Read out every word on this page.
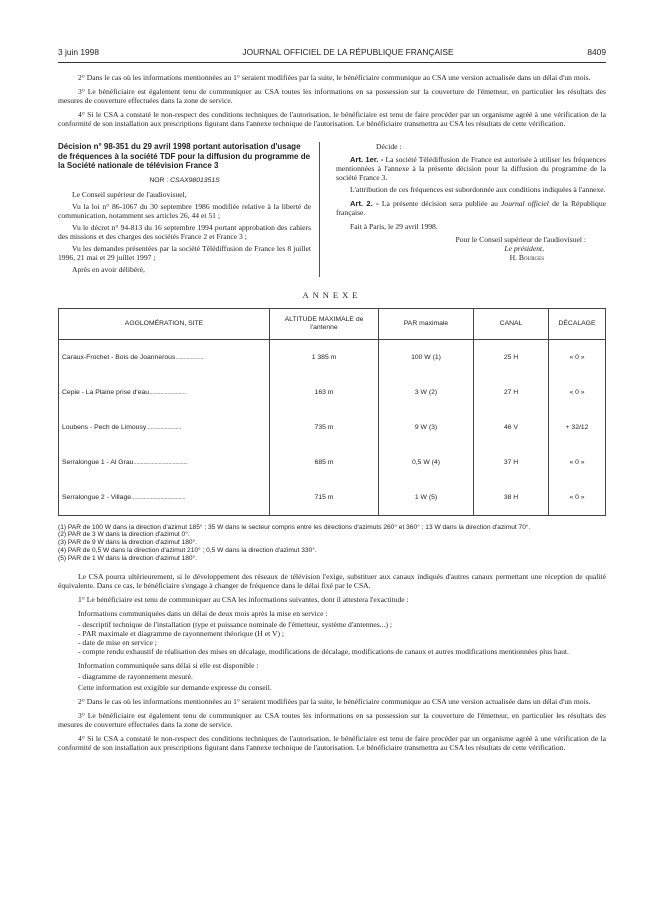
3 juin 1998	JOURNAL OFFICIEL DE LA RÉPUBLIQUE FRANÇAISE	8409

2° Dans le cas où les informations mentionnées au 1° seraient modifiées par la suite, le bénéficiaire communique au CSA une version actualisée dans un délai d'un mois.

3° Le bénéficiaire est également tenu de communiquer au CSA toutes les informations en sa possession sur la couverture de l'émetteur, en particulier les résultats des mesures de couverture effectuées dans la zone de service.

4° Si le CSA a constaté le non-respect des conditions techniques de l'autorisation, le bénéficiaire est tenu de faire procéder par un organisme agréé à une vérification de la conformité de son installation aux prescriptions figurant dans l'annexe technique de l'autorisation. Le bénéficiaire transmettra au CSA les résultats de cette vérification.

Décision n° 98-351 du 29 avril 1998 portant autorisation d'usage de fréquences à la société TDF pour la diffusion du programme de la Société nationale de télévision France 3

NOR : CSAX9801351S

Le Conseil supérieur de l'audiovisuel,

Vu la loi n° 86-1067 du 30 septembre 1986 modifiée relative à la liberté de communication, notamment ses articles 26, 44 et 51 ;

Vu le décret n° 94-813 du 16 septembre 1994 portant approbation des cahiers des missions et des charges des sociétés France 2 et France 3 ;

Vu les demandes présentées par la société Télédiffusion de France les 8 juillet 1996, 21 mai et 29 juillet 1997 ;

Après en avoir délibéré,

Décide :

Art. 1er. - La société Télédiffusion de France est autorisée à utiliser les fréquences mentionnées à l'annexe à la présente décision pour la diffusion du programme de la société France 3.

L'attribution de ces fréquences est subordonnée aux conditions indiquées à l'annexe.

Art. 2. - La présente décision sera publiée au Journal officiel de la République française.

Fait à Paris, le 29 avril 1998.

Pour le Conseil supérieur de l'audiovisuel :

Le président,

H. Bourges

ANNEXE

AGGLOMÉRATION, SITE	ALTITUDE MAXIMALE de l'antenne	PAR maximale	CANAL	DÉCALAGE
Caraux-Frochet - Bois de Joannerous....................	1 385 m	100 W (1)	25 H	« 0 »
Cepie - La Plaine prise d'eau...........................	163 m	3 W (2)	27 H	« 0 »
Loubens - Pech de Limousy.........................	735 m	9 W (3)	46 V	+ 32/12
Serralongue 1 - Al Grau.......................................	685 m	0,5 W (4)	37 H	« 0 »
Serralongue 2 - Village.......................................	715 m	1 W (5)	38 H	« 0 »
(1) PAR de 100 W dans la direction d'azimut 185° ; 35 W dans le secteur compris entre les directions d'azimuts 260° et 360° ; 13 W dans la direction d'azimut 70°.
(2) PAR de 3 W dans la direction d'azimut 0°.
(3) PAR de 9 W dans la direction d'azimut 180°.
(4) PAR de 0,5 W dans la direction d'azimut 210° ; 0,5 W dans la direction d'azimut 330°.
(5) PAR de 1 W dans la direction d'azimut 180°.

Le CSA pourra ultérieurement, si le développement des réseaux de télévision l'exige, substituer aux canaux indiqués d'autres canaux permettant une réception de qualité équivalente. Dans ce cas, le bénéficiaire s'engage à changer de fréquence dans le délai fixé par le CSA.

1° Le bénéficiaire est tenu de communiquer au CSA les informations suivantes, dont il attestera l'exactitude :

Informations communiquées dans un délai de deux mois après la mise en service :

- descriptif technique de l'installation (type et puissance nominale de l'émetteur, système d'antennes...) ;
- PAR maximale et diagramme de rayonnement théorique (H et V) ;
- date de mise en service ;
- compte rendu exhaustif de réalisation des mises en décalage, modifications de décalage, modifications de canaux et autres modifications mentionnées plus haut.

Information communiquée sans délai si elle est disponible :

- diagramme de rayonnement mesuré.

Cette information est exigible sur demande expresse du conseil.

2° Dans le cas où les informations mentionnées au 1° seraient modifiées par la suite, le bénéficiaire communique au CSA une version actualisée dans un délai d'un mois.

3° Le bénéficiaire est également tenu de communiquer au CSA toutes les informations en sa possession sur la couverture de l'émetteur, en particulier les résultats des mesures de couverture effectuées dans la zone de service.

4° Si le CSA a constaté le non-respect des conditions techniques de l'autorisation, le bénéficiaire est tenu de faire procéder par un organisme agréé à une vérification de la conformité de son installation aux prescriptions figurant dans l'annexe technique de l'autorisation. Le bénéficiaire transmettra au CSA les résultats de cette vérification.
